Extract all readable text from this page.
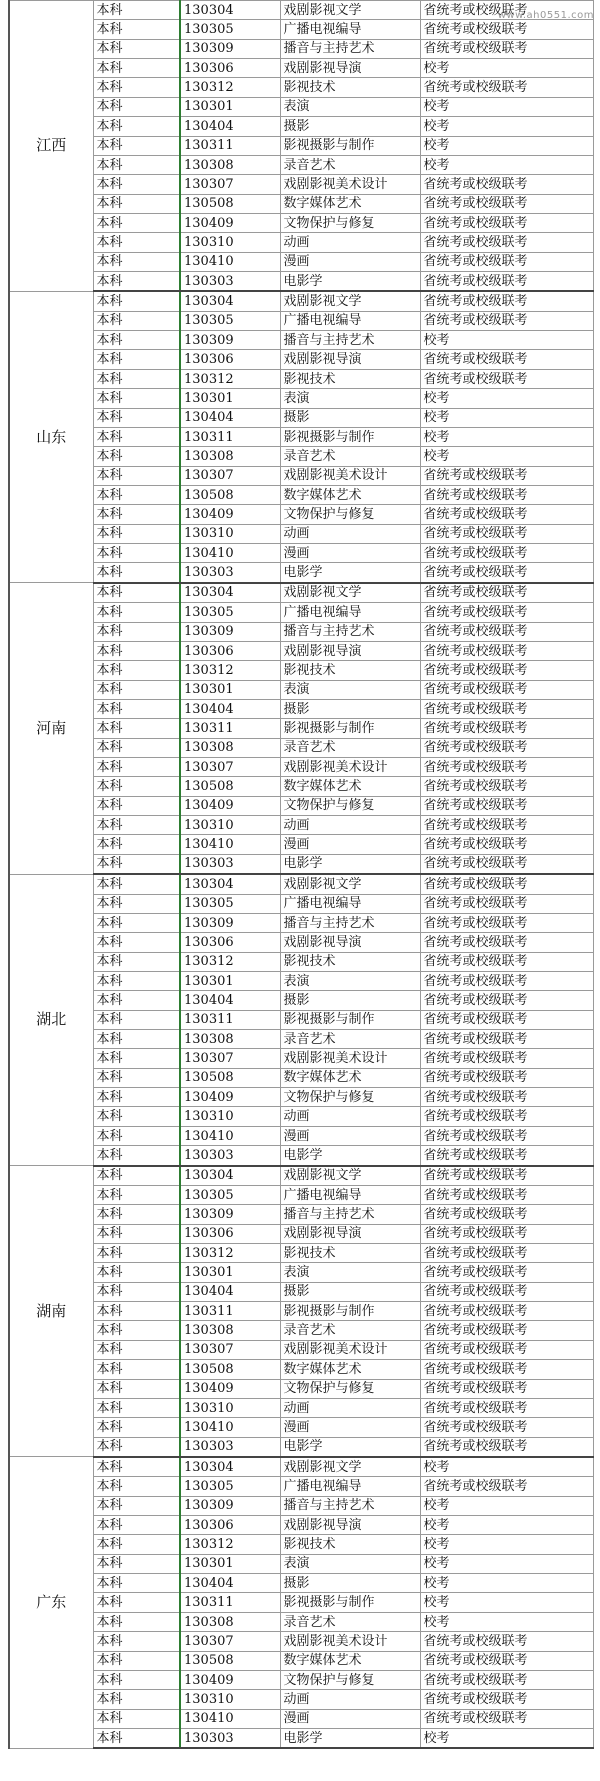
江西	本科	130304	戏剧影视文学	省统考或校级联考
	本科	130305	广播电视编导	省统考或校级联考
	本科	130309	播音与主持艺术	省统考或校级联考
	本科	130306	戏剧影视导演	校考
	本科	130312	影视技术	省统考或校级联考
	本科	130301	表演	校考
	本科	130404	摄影	校考
	本科	130311	影视摄影与制作	校考
	本科	130308	录音艺术	校考
	本科	130307	戏剧影视美术设计	省统考或校级联考
	本科	130508	数字媒体艺术	省统考或校级联考
	本科	130409	文物保护与修复	省统考或校级联考
	本科	130310	动画	省统考或校级联考
	本科	130410	漫画	省统考或校级联考
	本科	130303	电影学	省统考或校级联考
山东	本科	130304	戏剧影视文学	省统考或校级联考
	本科	130305	广播电视编导	省统考或校级联考
	本科	130309	播音与主持艺术	校考
	本科	130306	戏剧影视导演	省统考或校级联考
	本科	130312	影视技术	省统考或校级联考
	本科	130301	表演	校考
	本科	130404	摄影	校考
	本科	130311	影视摄影与制作	校考
	本科	130308	录音艺术	校考
	本科	130307	戏剧影视美术设计	省统考或校级联考
	本科	130508	数字媒体艺术	省统考或校级联考
	本科	130409	文物保护与修复	省统考或校级联考
	本科	130310	动画	省统考或校级联考
	本科	130410	漫画	省统考或校级联考
	本科	130303	电影学	省统考或校级联考
河南	本科	130304	戏剧影视文学	省统考或校级联考
	本科	130305	广播电视编导	省统考或校级联考
	本科	130309	播音与主持艺术	省统考或校级联考
	本科	130306	戏剧影视导演	省统考或校级联考
	本科	130312	影视技术	省统考或校级联考
	本科	130301	表演	省统考或校级联考
	本科	130404	摄影	省统考或校级联考
	本科	130311	影视摄影与制作	省统考或校级联考
	本科	130308	录音艺术	省统考或校级联考
	本科	130307	戏剧影视美术设计	省统考或校级联考
	本科	130508	数字媒体艺术	省统考或校级联考
	本科	130409	文物保护与修复	省统考或校级联考
	本科	130310	动画	省统考或校级联考
	本科	130410	漫画	省统考或校级联考
	本科	130303	电影学	省统考或校级联考
湖北	本科	130304	戏剧影视文学	省统考或校级联考
	本科	130305	广播电视编导	省统考或校级联考
	本科	130309	播音与主持艺术	省统考或校级联考
	本科	130306	戏剧影视导演	省统考或校级联考
	本科	130312	影视技术	省统考或校级联考
	本科	130301	表演	省统考或校级联考
	本科	130404	摄影	省统考或校级联考
	本科	130311	影视摄影与制作	省统考或校级联考
	本科	130308	录音艺术	省统考或校级联考
	本科	130307	戏剧影视美术设计	省统考或校级联考
	本科	130508	数字媒体艺术	省统考或校级联考
	本科	130409	文物保护与修复	省统考或校级联考
	本科	130310	动画	省统考或校级联考
	本科	130410	漫画	省统考或校级联考
	本科	130303	电影学	省统考或校级联考
湖南	本科	130304	戏剧影视文学	省统考或校级联考
	本科	130305	广播电视编导	省统考或校级联考
	本科	130309	播音与主持艺术	省统考或校级联考
	本科	130306	戏剧影视导演	省统考或校级联考
	本科	130312	影视技术	省统考或校级联考
	本科	130301	表演	省统考或校级联考
	本科	130404	摄影	省统考或校级联考
	本科	130311	影视摄影与制作	省统考或校级联考
	本科	130308	录音艺术	省统考或校级联考
	本科	130307	戏剧影视美术设计	省统考或校级联考
	本科	130508	数字媒体艺术	省统考或校级联考
	本科	130409	文物保护与修复	省统考或校级联考
	本科	130310	动画	省统考或校级联考
	本科	130410	漫画	省统考或校级联考
	本科	130303	电影学	省统考或校级联考
广东	本科	130304	戏剧影视文学	校考
	本科	130305	广播电视编导	省统考或校级联考
	本科	130309	播音与主持艺术	校考
	本科	130306	戏剧影视导演	校考
	本科	130312	影视技术	校考
	本科	130301	表演	校考
	本科	130404	摄影	校考
	本科	130311	影视摄影与制作	校考
	本科	130308	录音艺术	校考
	本科	130307	戏剧影视美术设计	省统考或校级联考
	本科	130508	数字媒体艺术	省统考或校级联考
	本科	130409	文物保护与修复	省统考或校级联考
	本科	130310	动画	省统考或校级联考
	本科	130410	漫画	省统考或校级联考
	本科	130303	电影学	校考
www.ah0551.com
